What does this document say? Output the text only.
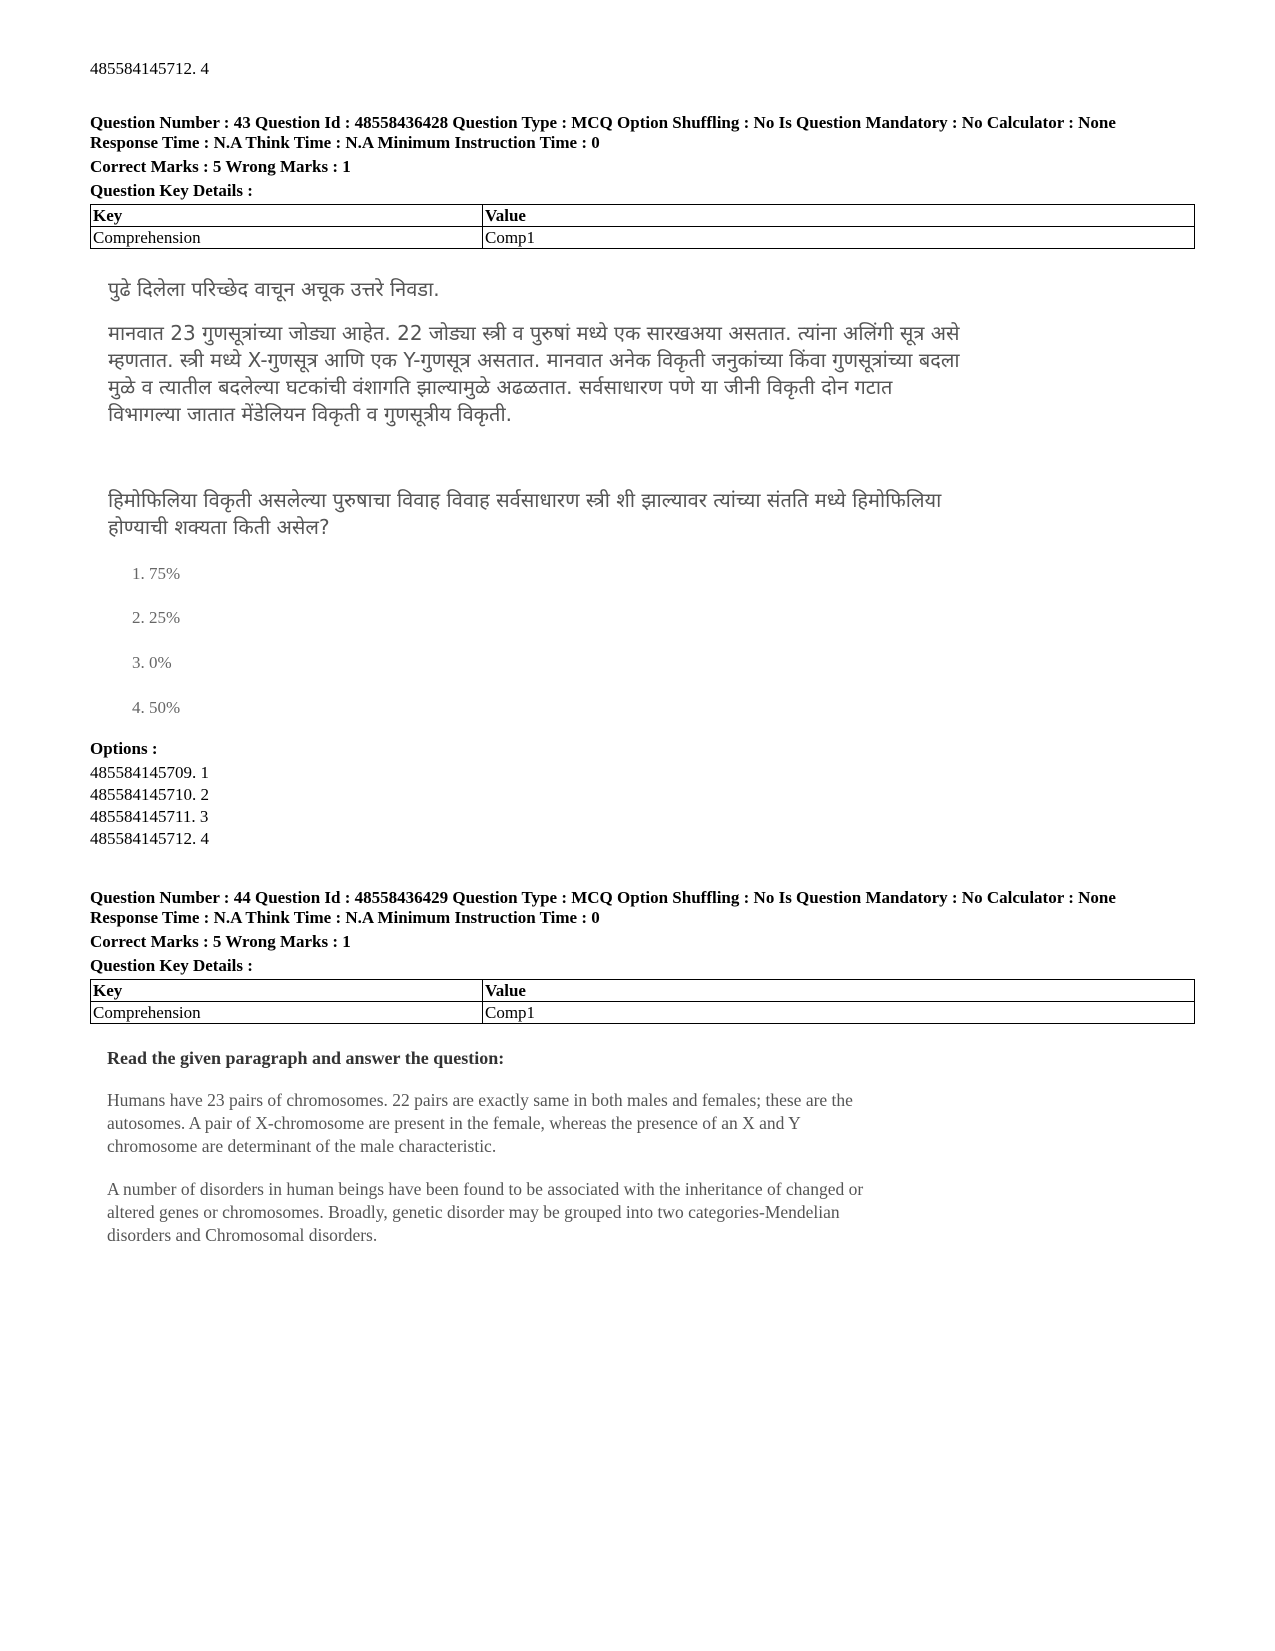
485584145712. 4
Question Number : 43 Question Id : 48558436428 Question Type : MCQ Option Shuffling : No Is Question Mandatory : No Calculator : None
Response Time : N.A Think Time : N.A Minimum Instruction Time : 0
Correct Marks : 5 Wrong Marks : 1
Question Key Details :
Key	Value
Comprehension	Comp1
पुढे दिलेला परिच्छेद वाचून अचूक उत्तरे निवडा.
मानवात 23 गुणसूत्रांच्या जोड्या आहेत. 22 जोड्या स्त्री व पुरुषां मध्ये एक सारखअया असतात. त्यांना अलिंगी सूत्र असे
म्हणतात. स्त्री मध्ये X-गुणसूत्र आणि एक Y-गुणसूत्र असतात. मानवात अनेक विकृती जनुकांच्या किंवा गुणसूत्रांच्या बदला
मुळे व त्यातील बदलेल्या घटकांची वंशागति झाल्यामुळे अढळतात. सर्वसाधारण पणे या जीनी विकृती दोन गटात
विभागल्या जातात मेंडेलियन विकृती व गुणसूत्रीय विकृती.
हिमोफिलिया विकृती असलेल्या पुरुषाचा विवाह विवाह सर्वसाधारण स्त्री शी झाल्यावर त्यांच्या संतति मध्ये हिमोफिलिया
होण्याची शक्यता किती असेल?
1. 75%
2. 25%
3. 0%
4. 50%
Options :
485584145709. 1
485584145710. 2
485584145711. 3
485584145712. 4
Question Number : 44 Question Id : 48558436429 Question Type : MCQ Option Shuffling : No Is Question Mandatory : No Calculator : None
Response Time : N.A Think Time : N.A Minimum Instruction Time : 0
Correct Marks : 5 Wrong Marks : 1
Question Key Details :
Key	Value
Comprehension	Comp1
Read the given paragraph and answer the question:
Humans have 23 pairs of chromosomes. 22 pairs are exactly same in both males and females; these are the
autosomes. A pair of X-chromosome are present in the female, whereas the presence of an X and Y
chromosome are determinant of the male characteristic.
A number of disorders in human beings have been found to be associated with the inheritance of changed or
altered genes or chromosomes. Broadly, genetic disorder may be grouped into two categories-Mendelian
disorders and Chromosomal disorders.
